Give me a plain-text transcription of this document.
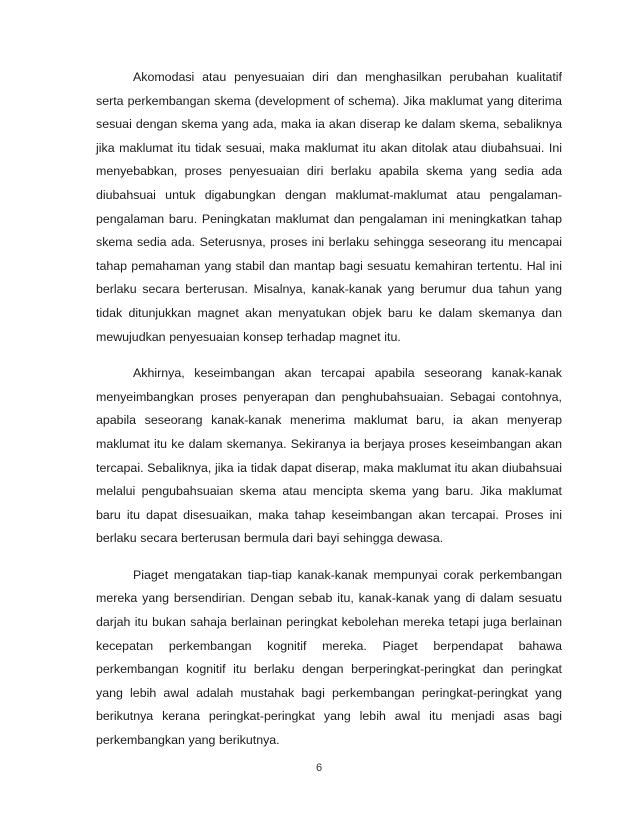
Akomodasi atau penyesuaian diri dan menghasilkan perubahan kualitatif serta perkembangan skema (development of schema). Jika maklumat yang diterima sesuai dengan skema yang ada, maka ia akan diserap ke dalam skema, sebaliknya jika maklumat itu tidak sesuai, maka maklumat itu akan ditolak atau diubahsuai. Ini menyebabkan, proses penyesuaian diri berlaku apabila skema yang sedia ada diubahsuai untuk digabungkan dengan maklumat-maklumat atau pengalaman-pengalaman baru. Peningkatan maklumat dan pengalaman ini meningkatkan tahap skema sedia ada. Seterusnya, proses ini berlaku sehingga seseorang itu mencapai tahap pemahaman yang stabil dan mantap bagi sesuatu kemahiran tertentu. Hal ini berlaku secara berterusan. Misalnya, kanak-kanak yang berumur dua tahun yang tidak ditunjukkan magnet akan menyatukan objek baru ke dalam skemanya dan mewujudkan penyesuaian konsep terhadap magnet itu.

Akhirnya, keseimbangan akan tercapai apabila seseorang kanak-kanak menyeimbangkan proses penyerapan dan penghubahsuaian. Sebagai contohnya, apabila seseorang kanak-kanak menerima maklumat baru, ia akan menyerap maklumat itu ke dalam skemanya. Sekiranya ia berjaya proses keseimbangan akan tercapai. Sebaliknya, jika ia tidak dapat diserap, maka maklumat itu akan diubahsuai melalui pengubahsuaian skema atau mencipta skema yang baru. Jika maklumat baru itu dapat disesuaikan, maka tahap keseimbangan akan tercapai. Proses ini berlaku secara berterusan bermula dari bayi sehingga dewasa.

Piaget mengatakan tiap-tiap kanak-kanak mempunyai corak perkembangan mereka yang bersendirian. Dengan sebab itu, kanak-kanak yang di dalam sesuatu darjah itu bukan sahaja berlainan peringkat kebolehan mereka tetapi juga berlainan kecepatan perkembangan kognitif mereka. Piaget berpendapat bahawa perkembangan kognitif itu berlaku dengan berperingkat-peringkat dan peringkat yang lebih awal adalah mustahak bagi perkembangan peringkat-peringkat yang berikutnya kerana peringkat-peringkat yang lebih awal itu menjadi asas bagi perkembangkan yang berikutnya.

6
